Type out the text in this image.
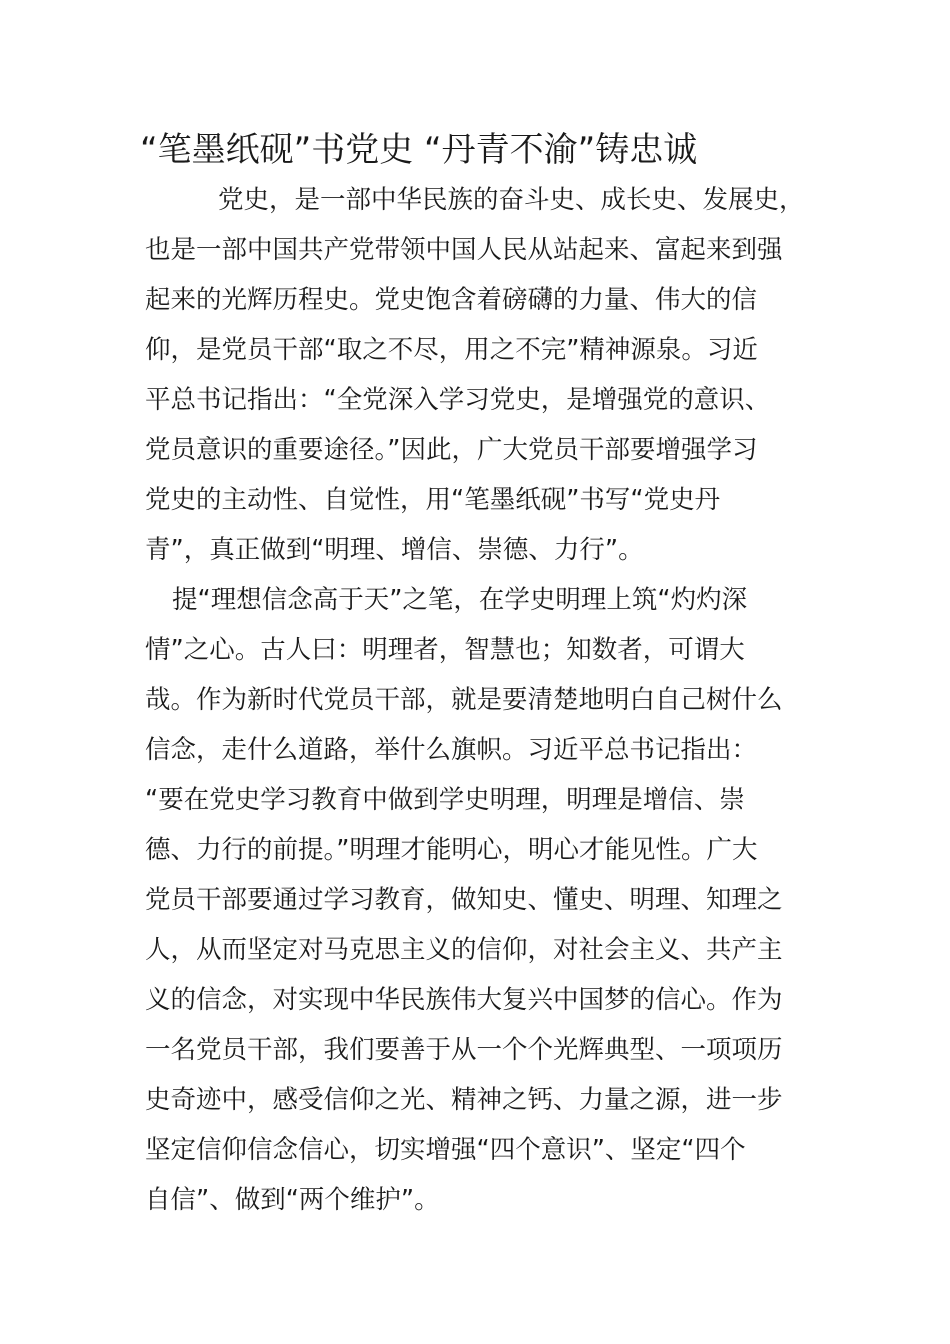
“笔墨纸砚”书党史 “丹青不渝”铸忠诚

党史，是一部中华民族的奋斗史、成长史、发展史，

也是一部中国共产党带领中国人民从站起来、富起来到强

起来的光辉历程史。党史饱含着磅礴的力量、伟大的信

仰，是党员干部“取之不尽，用之不完”精神源泉。习近

平总书记指出：“全党深入学习党史，是增强党的意识、

党员意识的重要途径。”因此，广大党员干部要增强学习

党史的主动性、自觉性，用“笔墨纸砚”书写“党史丹

青”，真正做到“明理、增信、崇德、力行”。

提“理想信念高于天”之笔，在学史明理上筑“灼灼深

情”之心。古人曰：明理者，智慧也；知数者，可谓大

哉。作为新时代党员干部，就是要清楚地明白自己树什么

信念，走什么道路，举什么旗帜。习近平总书记指出：

“要在党史学习教育中做到学史明理，明理是增信、崇

德、力行的前提。”明理才能明心，明心才能见性。广大

党员干部要通过学习教育，做知史、懂史、明理、知理之

人，从而坚定对马克思主义的信仰，对社会主义、共产主

义的信念，对实现中华民族伟大复兴中国梦的信心。作为

一名党员干部，我们要善于从一个个光辉典型、一项项历

史奇迹中，感受信仰之光、精神之钙、力量之源，进一步

坚定信仰信念信心，切实增强“四个意识”、坚定“四个

自信”、做到“两个维护”。
